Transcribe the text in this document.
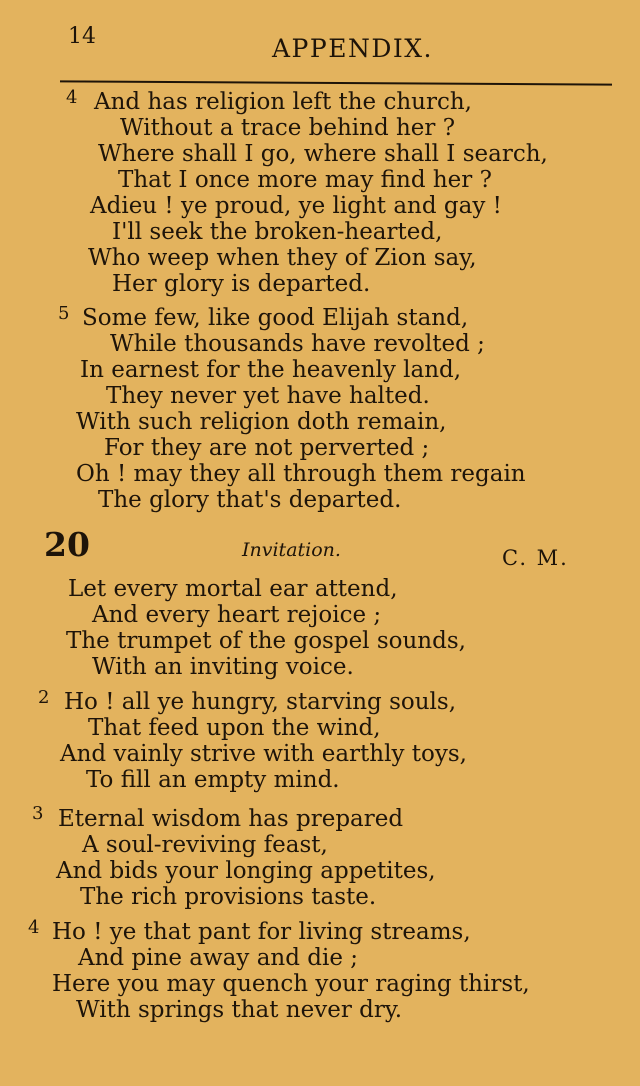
14	APPENDIX.
4 And has religion left the church,
Without a trace behind her ?
Where shall I go, where shall I search,
That I once more may find her ?
Adieu ! ye proud, ye light and gay !
I'll seek the broken-hearted,
Who weep when they of Zion say,
Her glory is departed.
5 Some few, like good Elijah stand,
While thousands have revolted ;
In earnest for the heavenly land,
They never yet have halted.
With such religion doth remain,
For they are not perverted ;
Oh ! may they all through them regain
The glory that's departed.
20	Invitation.	C. M.
Let every mortal ear attend,
And every heart rejoice ;
The trumpet of the gospel sounds,
With an inviting voice.
2 Ho ! all ye hungry, starving souls,
That feed upon the wind,
And vainly strive with earthly toys,
To fill an empty mind.
3 Eternal wisdom has prepared
A soul-reviving feast,
And bids your longing appetites,
The rich provisions taste.
4 Ho ! ye that pant for living streams,
And pine away and die ;
Here you may quench your raging thirst,
With springs that never dry.
